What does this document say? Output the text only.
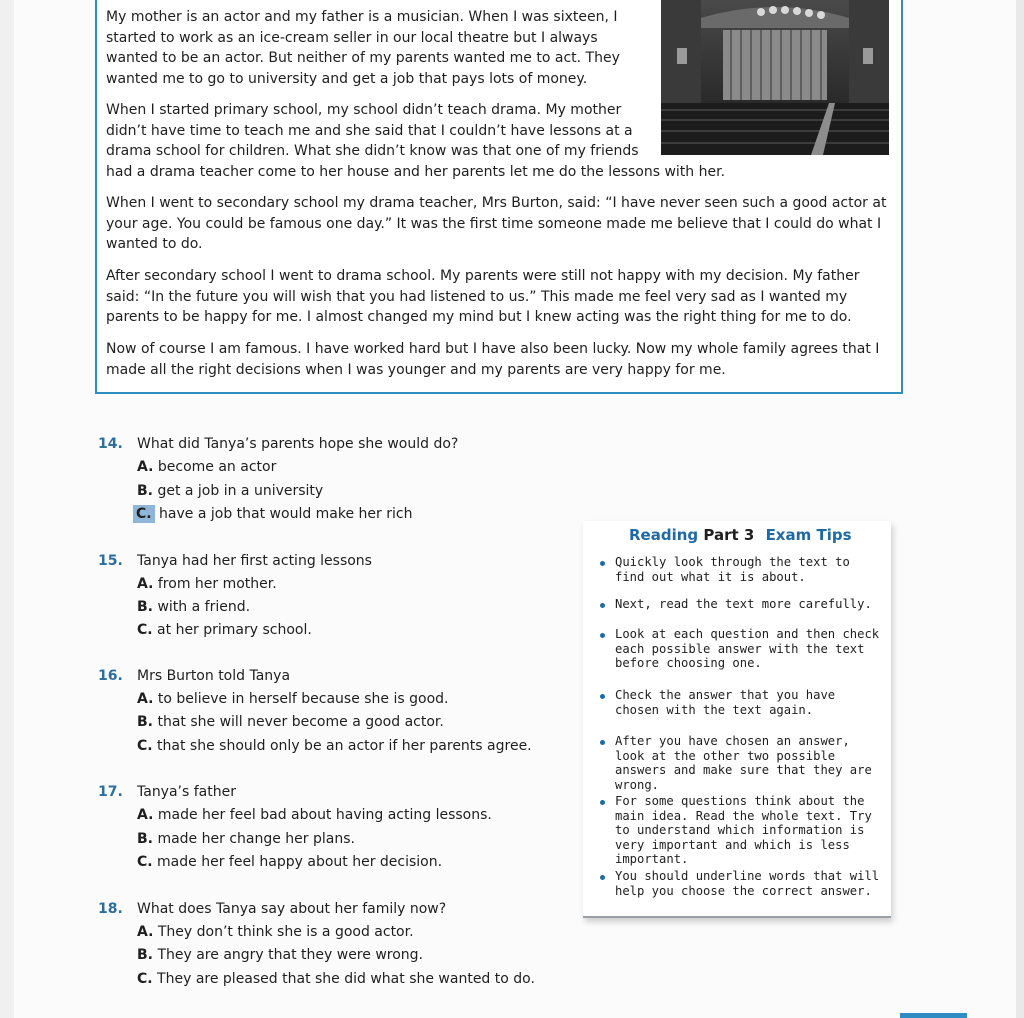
My mother is an actor and my father is a musician. When I was sixteen, I started to work as an ice-cream seller in our local theatre but I always wanted to be an actor. But neither of my parents wanted me to act. They wanted me to go to university and get a job that pays lots of money.

When I started primary school, my school didn’t teach drama. My mother didn’t have time to teach me and she said that I couldn’t have lessons at a drama school for children. What she didn’t know was that one of my friends

had a drama teacher come to her house and her parents let me do the lessons with her.

When I went to secondary school my drama teacher, Mrs Burton, said: “I have never seen such a good actor at your age. You could be famous one day.” It was the first time someone made me believe that I could do what I wanted to do.

After secondary school I went to drama school. My parents were still not happy with my decision. My father said: “In the future you will wish that you had listened to us.” This made me feel very sad as I wanted my parents to be happy for me. I almost changed my mind but I knew acting was the right thing for me to do.

Now of course I am famous. I have worked hard but I have also been lucky. Now my whole family agrees that I made all the right decisions when I was younger and my parents are very happy for me.

14. What did Tanya’s parents hope she would do?
A. become an actor
B. get a job in a university
C. have a job that would make her rich
15. Tanya had her first acting lessons
A. from her mother.
B. with a friend.
C. at her primary school.
16. Mrs Burton told Tanya
A. to believe in herself because she is good.
B. that she will never become a good actor.
C. that she should only be an actor if her parents agree.
17. Tanya’s father
A. made her feel bad about having acting lessons.
B. made her change her plans.
C. made her feel happy about her decision.
18. What does Tanya say about her family now?
A. They don’t think she is a good actor.
B. They are angry that they were wrong.
C. They are pleased that she did what she wanted to do.
Reading Part 3 Exam Tips
Quickly look through the text to find out what it is about.
Next, read the text more carefully.
Look at each question and then check each possible answer with the text before choosing one.
Check the answer that you have chosen with the text again.
After you have chosen an answer, look at the other two possible answers and make sure that they are wrong.
For some questions think about the main idea. Read the whole text. Try to understand which information is very important and which is less important.
You should underline words that will help you choose the correct answer.
